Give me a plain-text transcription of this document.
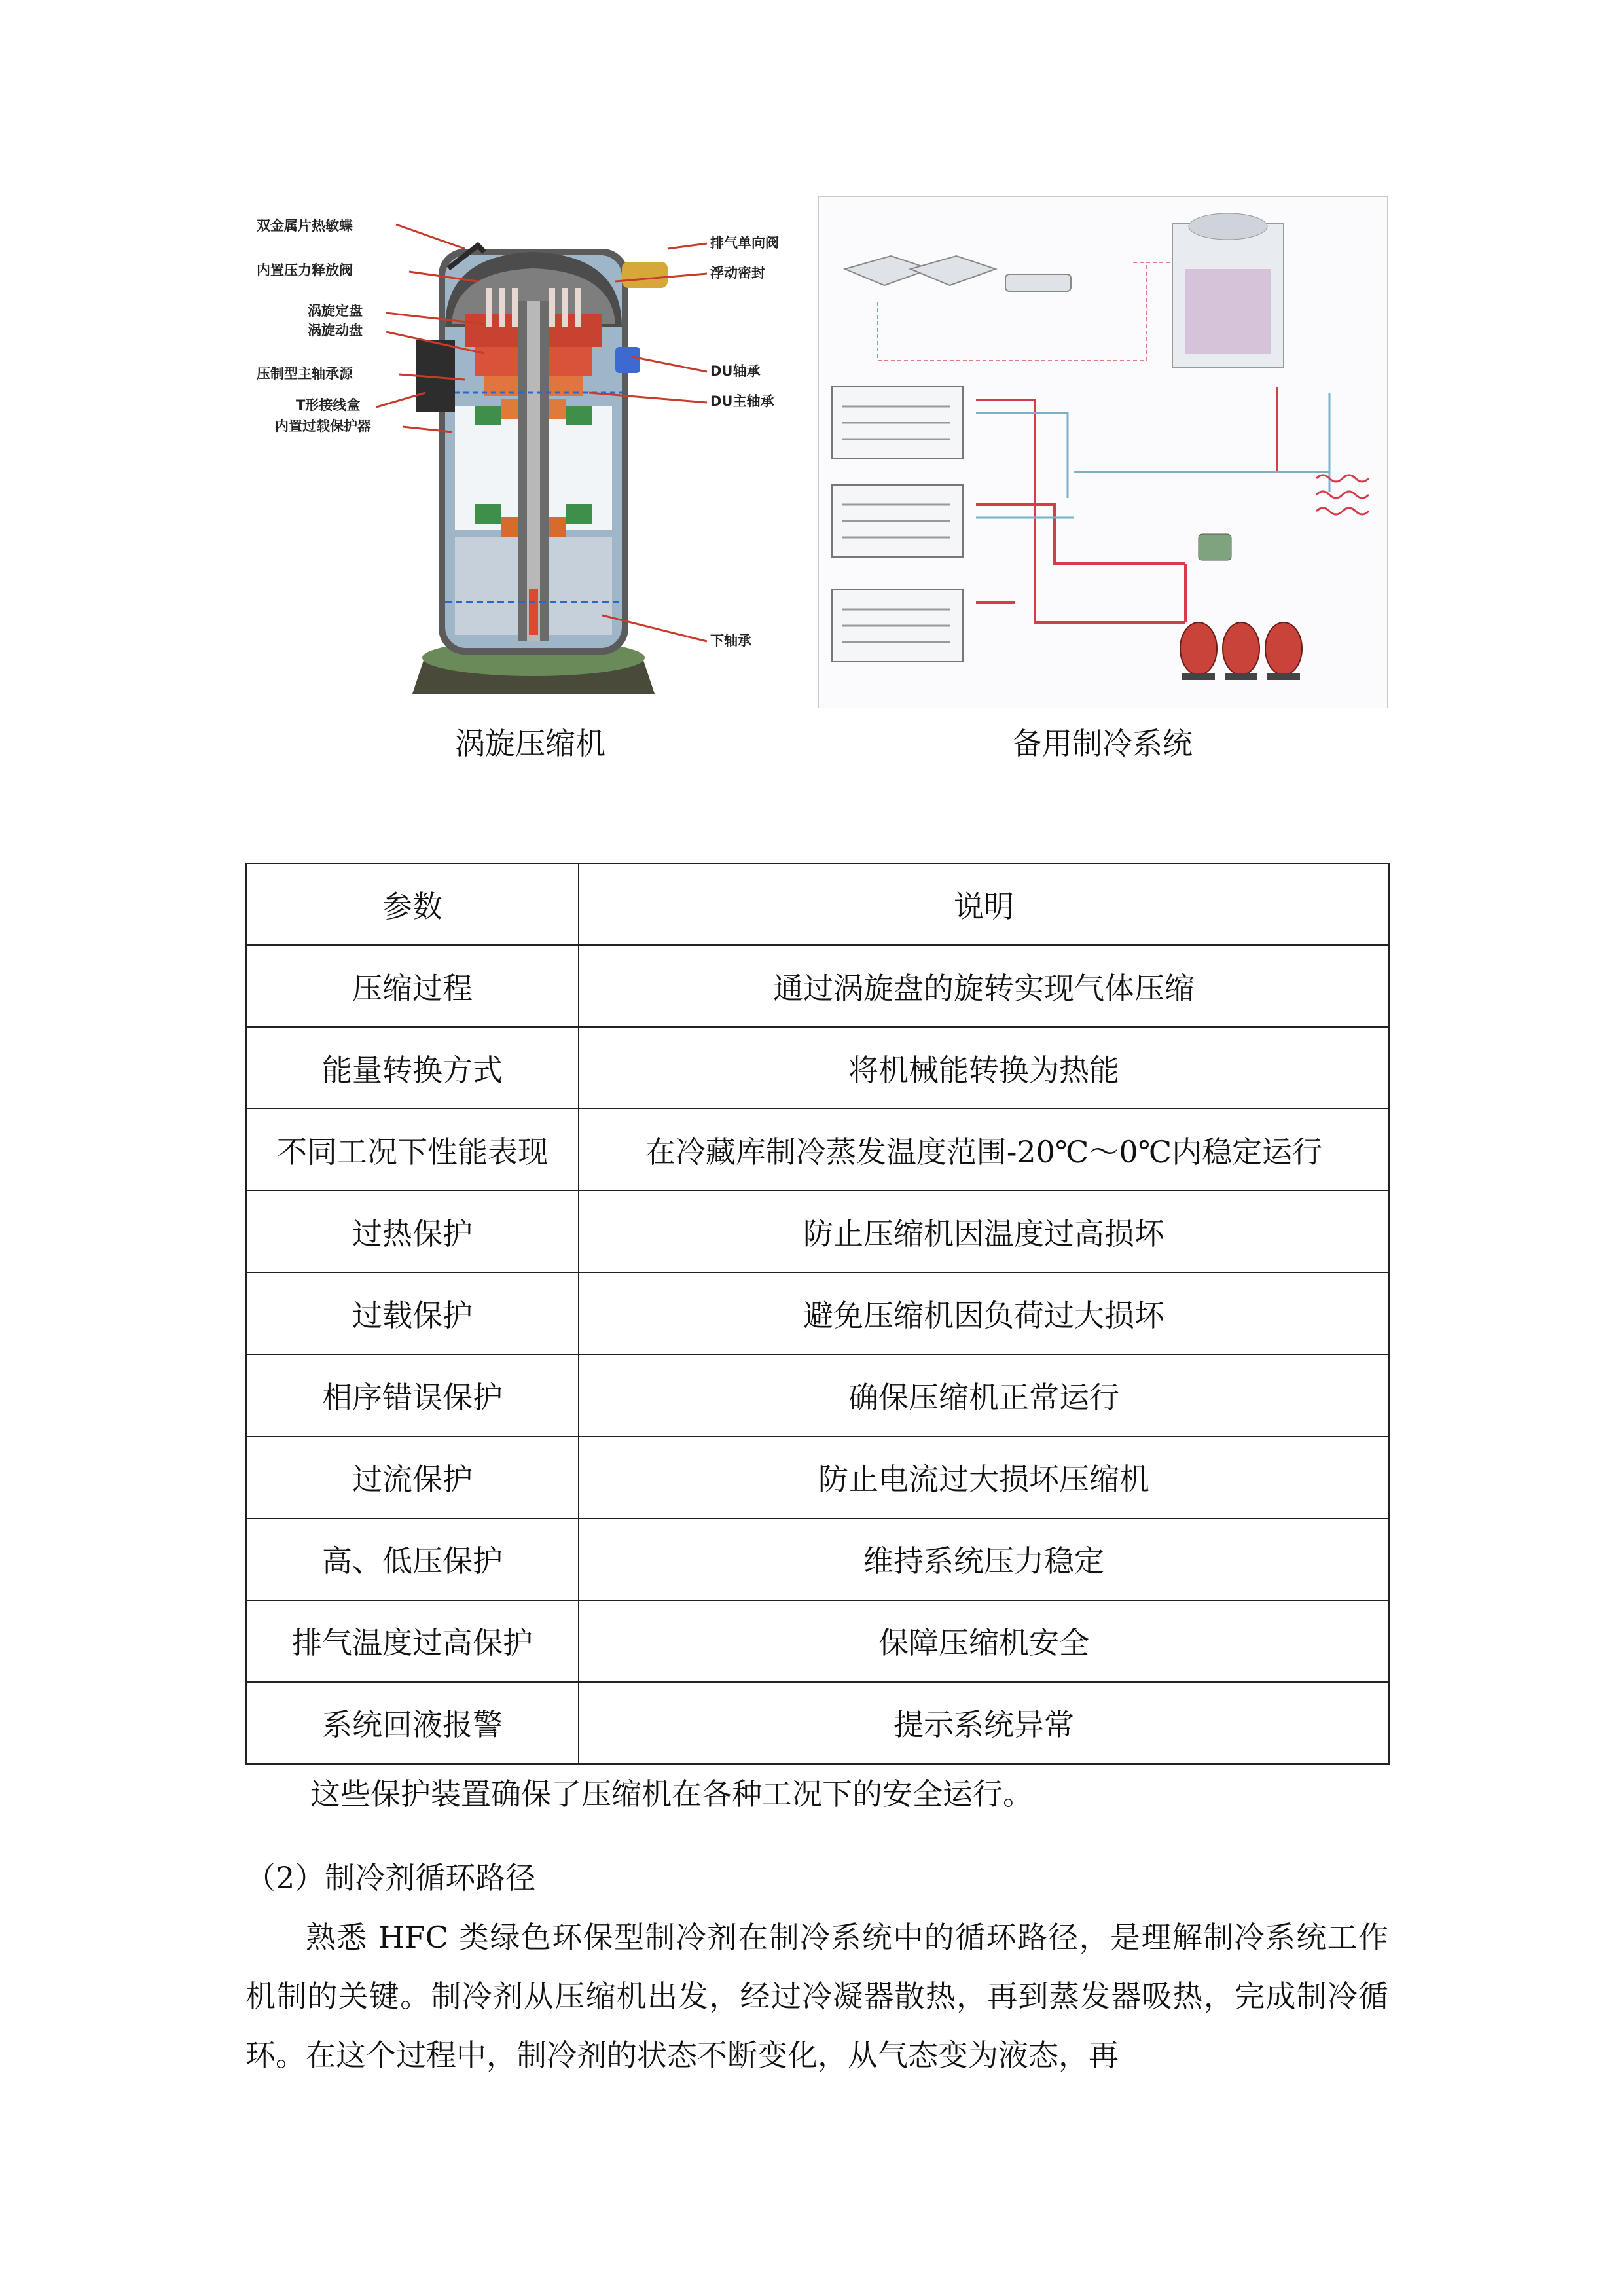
双金属片热敏蝶
内置压力释放阀
涡旋定盘
涡旋动盘
压制型主轴承源
T形接线盒
内置过载保护器
排气单向阀
浮动密封
DU轴承
DU主轴承
下轴承
涡旋压缩机	备用制冷系统
参数	说明
压缩过程	通过涡旋盘的旋转实现气体压缩
能量转换方式	将机械能转换为热能
不同工况下性能表现	在冷藏库制冷蒸发温度范围-20℃～0℃内稳定运行
过热保护	防止压缩机因温度过高损坏
过载保护	避免压缩机因负荷过大损坏
相序错误保护	确保压缩机正常运行
过流保护	防止电流过大损坏压缩机
高、低压保护	维持系统压力稳定
排气温度过高保护	保障压缩机安全
系统回液报警	提示系统异常
这些保护装置确保了压缩机在各种工况下的安全运行。
（2）制冷剂循环路径
熟悉 HFC 类绿色环保型制冷剂在制冷系统中的循环路径，是理解制冷系统工作机制的关键。制冷剂从压缩机出发，经过冷凝器散热，再到蒸发器吸热，完成制冷循环。在这个过程中，制冷剂的状态不断变化，从气态变为液态，再
